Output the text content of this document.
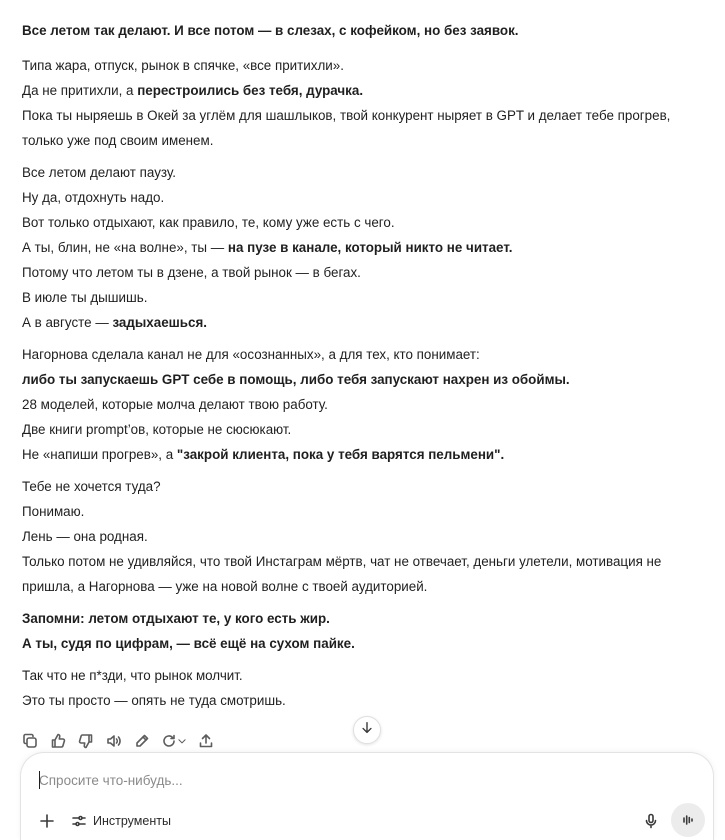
Все летом так делают. И все потом — в слезах, с кофейком, но без заявок.
Типа жара, отпуск, рынок в спячке, «все притихли».
Да не притихли, а перестроились без тебя, дурачка.
Пока ты ныряешь в Окей за углём для шашлыков, твой конкурент ныряет в GPT и делает тебе прогрев, только уже под своим именем.
Все летом делают паузу.
Ну да, отдохнуть надо.
Вот только отдыхают, как правило, те, кому уже есть с чего.
А ты, блин, не «на волне», ты — на пузе в канале, который никто не читает.
Потому что летом ты в дзене, а твой рынок — в бегах.
В июле ты дышишь.
А в августе — задыхаешься.
Нагорнова сделала канал не для «осознанных», а для тех, кто понимает:
либо ты запускаешь GPT себе в помощь, либо тебя запускают нахрен из обоймы.
28 моделей, которые молча делают твою работу.
Две книги prompt’ов, которые не сюсюкают.
Не «напиши прогрев», а "закрой клиента, пока у тебя варятся пельмени".
Тебе не хочется туда?
Понимаю.
Лень — она родная.
Только потом не удивляйся, что твой Инстаграм мёртв, чат не отвечает, деньги улетели, мотивация не пришла, а Нагорнова — уже на новой волне с твоей аудиторией.
Запомни: летом отдыхают те, у кого есть жир.
А ты, судя по цифрам, — всё ещё на сухом пайке.
Так что не п*зди, что рынок молчит.
Это ты просто — опять не туда смотришь.
Спросите что-нибудь...
Инструменты
